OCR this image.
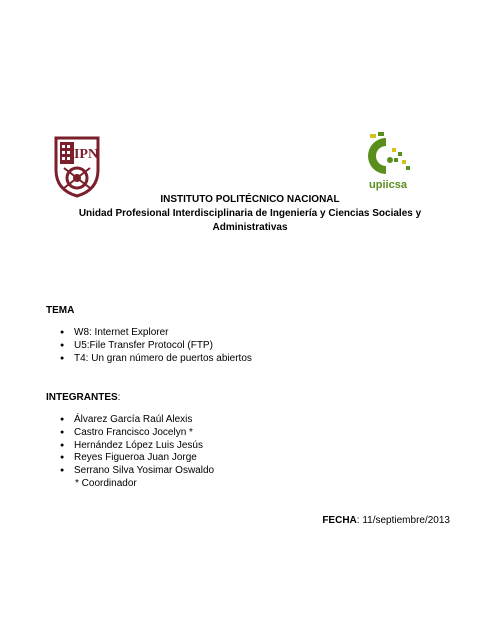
IPN
upiicsa
INSTITUTO POLITÉCNICO NACIONAL
Unidad Profesional Interdisciplinaria de Ingeniería y Ciencias Sociales y
Administrativas
TEMA
● W8: Internet Explorer
● U5:File Transfer Protocol (FTP)
● T4: Un gran número de puertos abiertos
INTEGRANTES:
● Álvarez García Raúl Alexis
● Castro Francisco Jocelyn *
● Hernández López Luis Jesús
● Reyes Figueroa Juan Jorge
● Serrano Silva Yosimar Oswaldo
* Coordinador
FECHA: 11/septiembre/2013
